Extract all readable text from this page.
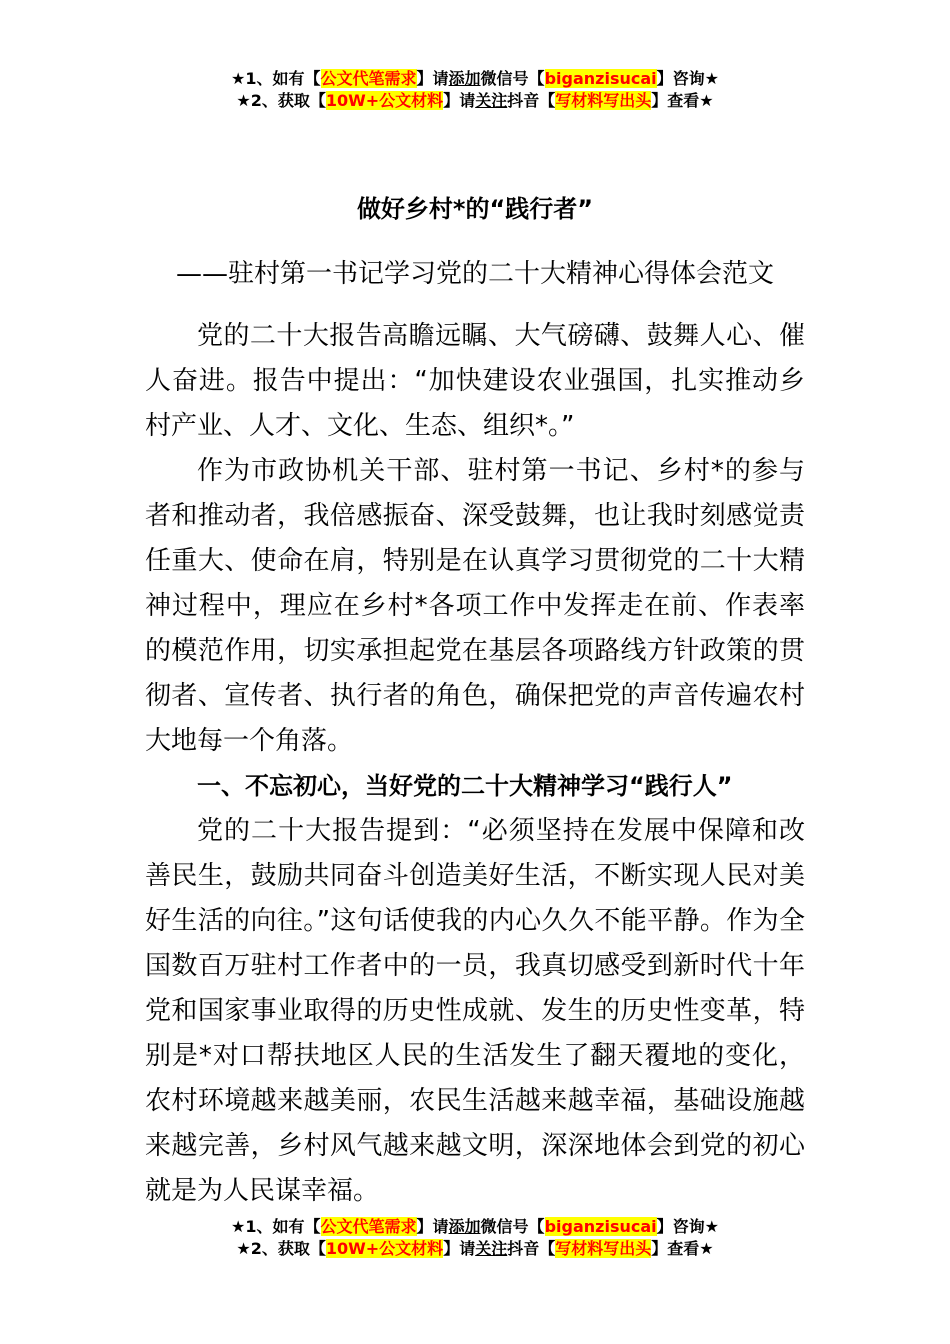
★1、如有【公文代笔需求】请添加微信号【biganzisucai】咨询★
★2、获取【10W+公文材料】请关注抖音【写材料写出头】查看★
做好乡村*的“践行者”
——驻村第一书记学习党的二十大精神心得体会范文

党的二十大报告高瞻远瞩、大气磅礴、鼓舞人心、催人奋进。报告中提出：“加快建设农业强国，扎实推动乡村产业、人才、文化、生态、组织*。”

作为市政协机关干部、驻村第一书记、乡村*的参与者和推动者，我倍感振奋、深受鼓舞，也让我时刻感觉责任重大、使命在肩，特别是在认真学习贯彻党的二十大精神过程中，理应在乡村*各项工作中发挥走在前、作表率的模范作用，切实承担起党在基层各项路线方针政策的贯彻者、宣传者、执行者的角色，确保把党的声音传遍农村大地每一个角落。

一、不忘初心，当好党的二十大精神学习“践行人”

党的二十大报告提到：“必须坚持在发展中保障和改善民生，鼓励共同奋斗创造美好生活，不断实现人民对美好生活的向往。”这句话使我的内心久久不能平静。作为全国数百万驻村工作者中的一员，我真切感受到新时代十年党和国家事业取得的历史性成就、发生的历史性变革，特别是*对口帮扶地区人民的生活发生了翻天覆地的变化，农村环境越来越美丽，农民生活越来越幸福，基础设施越来越完善，乡村风气越来越文明，深深地体会到党的初心就是为人民谋幸福。

★1、如有【公文代笔需求】请添加微信号【biganzisucai】咨询★
★2、获取【10W+公文材料】请关注抖音【写材料写出头】查看★
